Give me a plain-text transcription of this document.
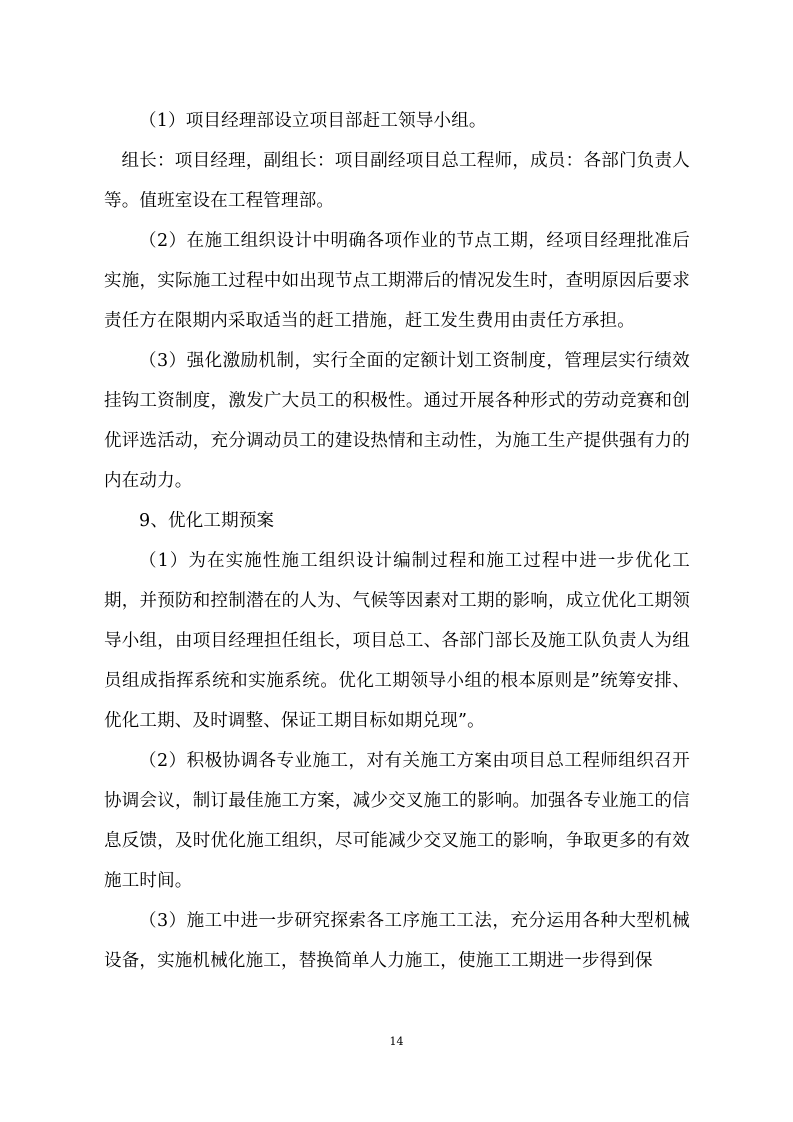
（1）项目经理部设立项目部赶工领导小组。

组长：项目经理，副组长：项目副经项目总工程师，成员：各部门负责人等。值班室设在工程管理部。

（2）在施工组织设计中明确各项作业的节点工期，经项目经理批准后实施，实际施工过程中如出现节点工期滞后的情况发生时，查明原因后要求责任方在限期内采取适当的赶工措施，赶工发生费用由责任方承担。

（3）强化激励机制，实行全面的定额计划工资制度，管理层实行绩效挂钩工资制度，激发广大员工的积极性。通过开展各种形式的劳动竞赛和创优评选活动，充分调动员工的建设热情和主动性，为施工生产提供强有力的内在动力。

9、优化工期预案

（1）为在实施性施工组织设计编制过程和施工过程中进一步优化工期，并预防和控制潜在的人为、气候等因素对工期的影响，成立优化工期领导小组，由项目经理担任组长，项目总工、各部门部长及施工队负责人为组员组成指挥系统和实施系统。优化工期领导小组的根本原则是”统筹安排、优化工期、及时调整、保证工期目标如期兑现”。

（2）积极协调各专业施工，对有关施工方案由项目总工程师组织召开协调会议，制订最佳施工方案，减少交叉施工的影响。加强各专业施工的信息反馈，及时优化施工组织，尽可能减少交叉施工的影响，争取更多的有效施工时间。

（3）施工中进一步研究探索各工序施工工法，充分运用各种大型机械设备，实施机械化施工，替换简单人力施工，使施工工期进一步得到保

14
